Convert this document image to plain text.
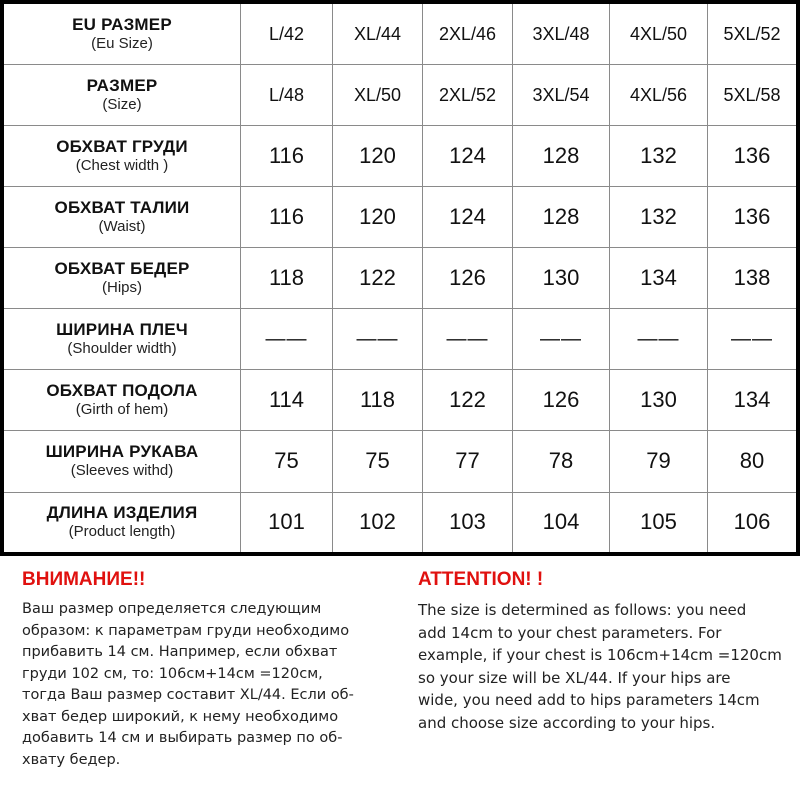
EU РАЗМЕР
(Eu Size)	L/42	XL/44	2XL/46	3XL/48	4XL/50	5XL/52

РАЗМЕР
(Size)	L/48	XL/50	2XL/52	3XL/54	4XL/56	5XL/58

ОБХВАТ ГРУДИ
(Chest width )	116	120	124	128	132	136

ОБХВАТ ТАЛИИ
(Waist)	116	120	124	128	132	136

ОБХВАТ БЕДЕР
(Hips)	118	122	126	130	134	138

ШИРИНА ПЛЕЧ
(Shoulder width)	——	——	——	——	——	——

ОБХВАТ ПОДОЛА
(Girth of hem)	114	118	122	126	130	134

ШИРИНА РУКАВА
(Sleeves withd)	75	75	77	78	79	80

ДЛИНА ИЗДЕЛИЯ
(Product length)	101	102	103	104	105	106
ВНИМАНИЕ!!

Ваш размер определяется следующим
образом: к параметрам груди необходимо
прибавить 14 см. Например, если обхват
груди 102 см, то: 106см+14см =120см,
тогда Ваш размер составит XL/44. Если об-
хват бедер широкий, к нему необходимо
добавить 14 см и выбирать размер по об-
хвату бедер.

ATTENTION! !

The size is determined as follows: you need
add 14cm to your chest parameters. For
example, if your chest is 106cm+14cm =120cm
so your size will be XL/44. If your hips are
wide, you need add to hips parameters 14cm
and choose size according to your hips.
